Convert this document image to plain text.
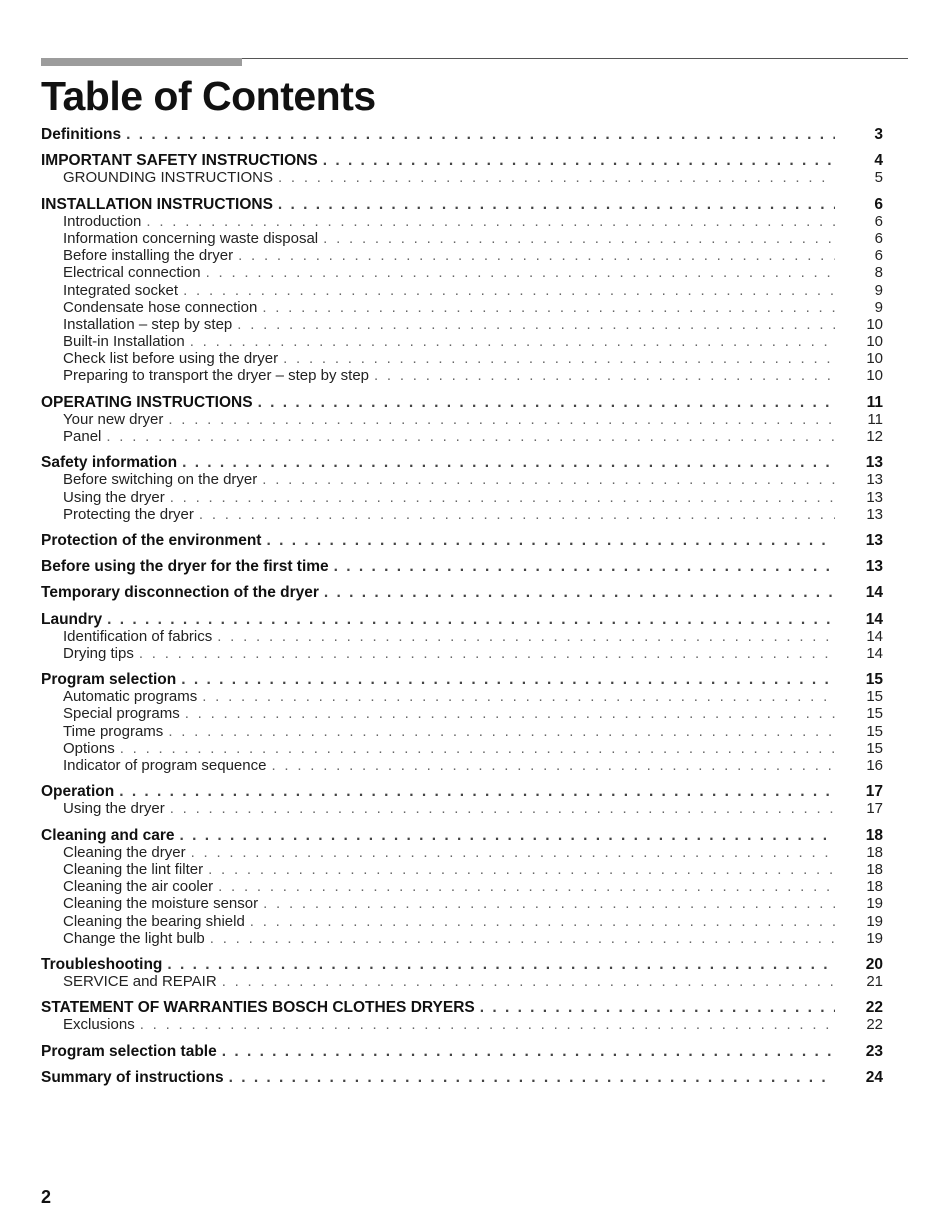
Table of Contents
Definitions . . .	3
IMPORTANT SAFETY INSTRUCTIONS . . .	4
GROUNDING INSTRUCTIONS . . .	5
INSTALLATION INSTRUCTIONS . . .	6
Introduction . . .	6
Information concerning waste disposal . . .	6
Before installing the dryer . . .	6
Electrical connection . . .	8
Integrated socket . . .	9
Condensate hose connection . . .	9
Installation – step by step . . .	10
Built-in Installation . . .	10
Check list before using the dryer . . .	10
Preparing to transport the dryer – step by step . . .	10
OPERATING INSTRUCTIONS . . .	11
Your new dryer . . .	11
Panel . . .	12
Safety information . . .	13
Before switching on the dryer . . .	13
Using the dryer . . .	13
Protecting the dryer . . .	13
Protection of the environment . . .	13
Before using the dryer for the first time . . .	13
Temporary disconnection of the dryer . . .	14
Laundry . . .	14
Identification of fabrics . . .	14
Drying tips . . .	14
Program selection . . .	15
Automatic programs . . .	15
Special programs . . .	15
Time programs . . .	15
Options . . .	15
Indicator of program sequence . . .	16
Operation . . .	17
Using the dryer . . .	17
Cleaning and care . . .	18
Cleaning the dryer . . .	18
Cleaning the lint filter . . .	18
Cleaning the air cooler . . .	18
Cleaning the moisture sensor . . .	19
Cleaning the bearing shield . . .	19
Change the light bulb . . .	19
Troubleshooting . . .	20
SERVICE and REPAIR . . .	21
STATEMENT OF WARRANTIES BOSCH CLOTHES DRYERS . . .	22
Exclusions . . .	22
Program selection table . . .	23
Summary of instructions . . .	24
2
